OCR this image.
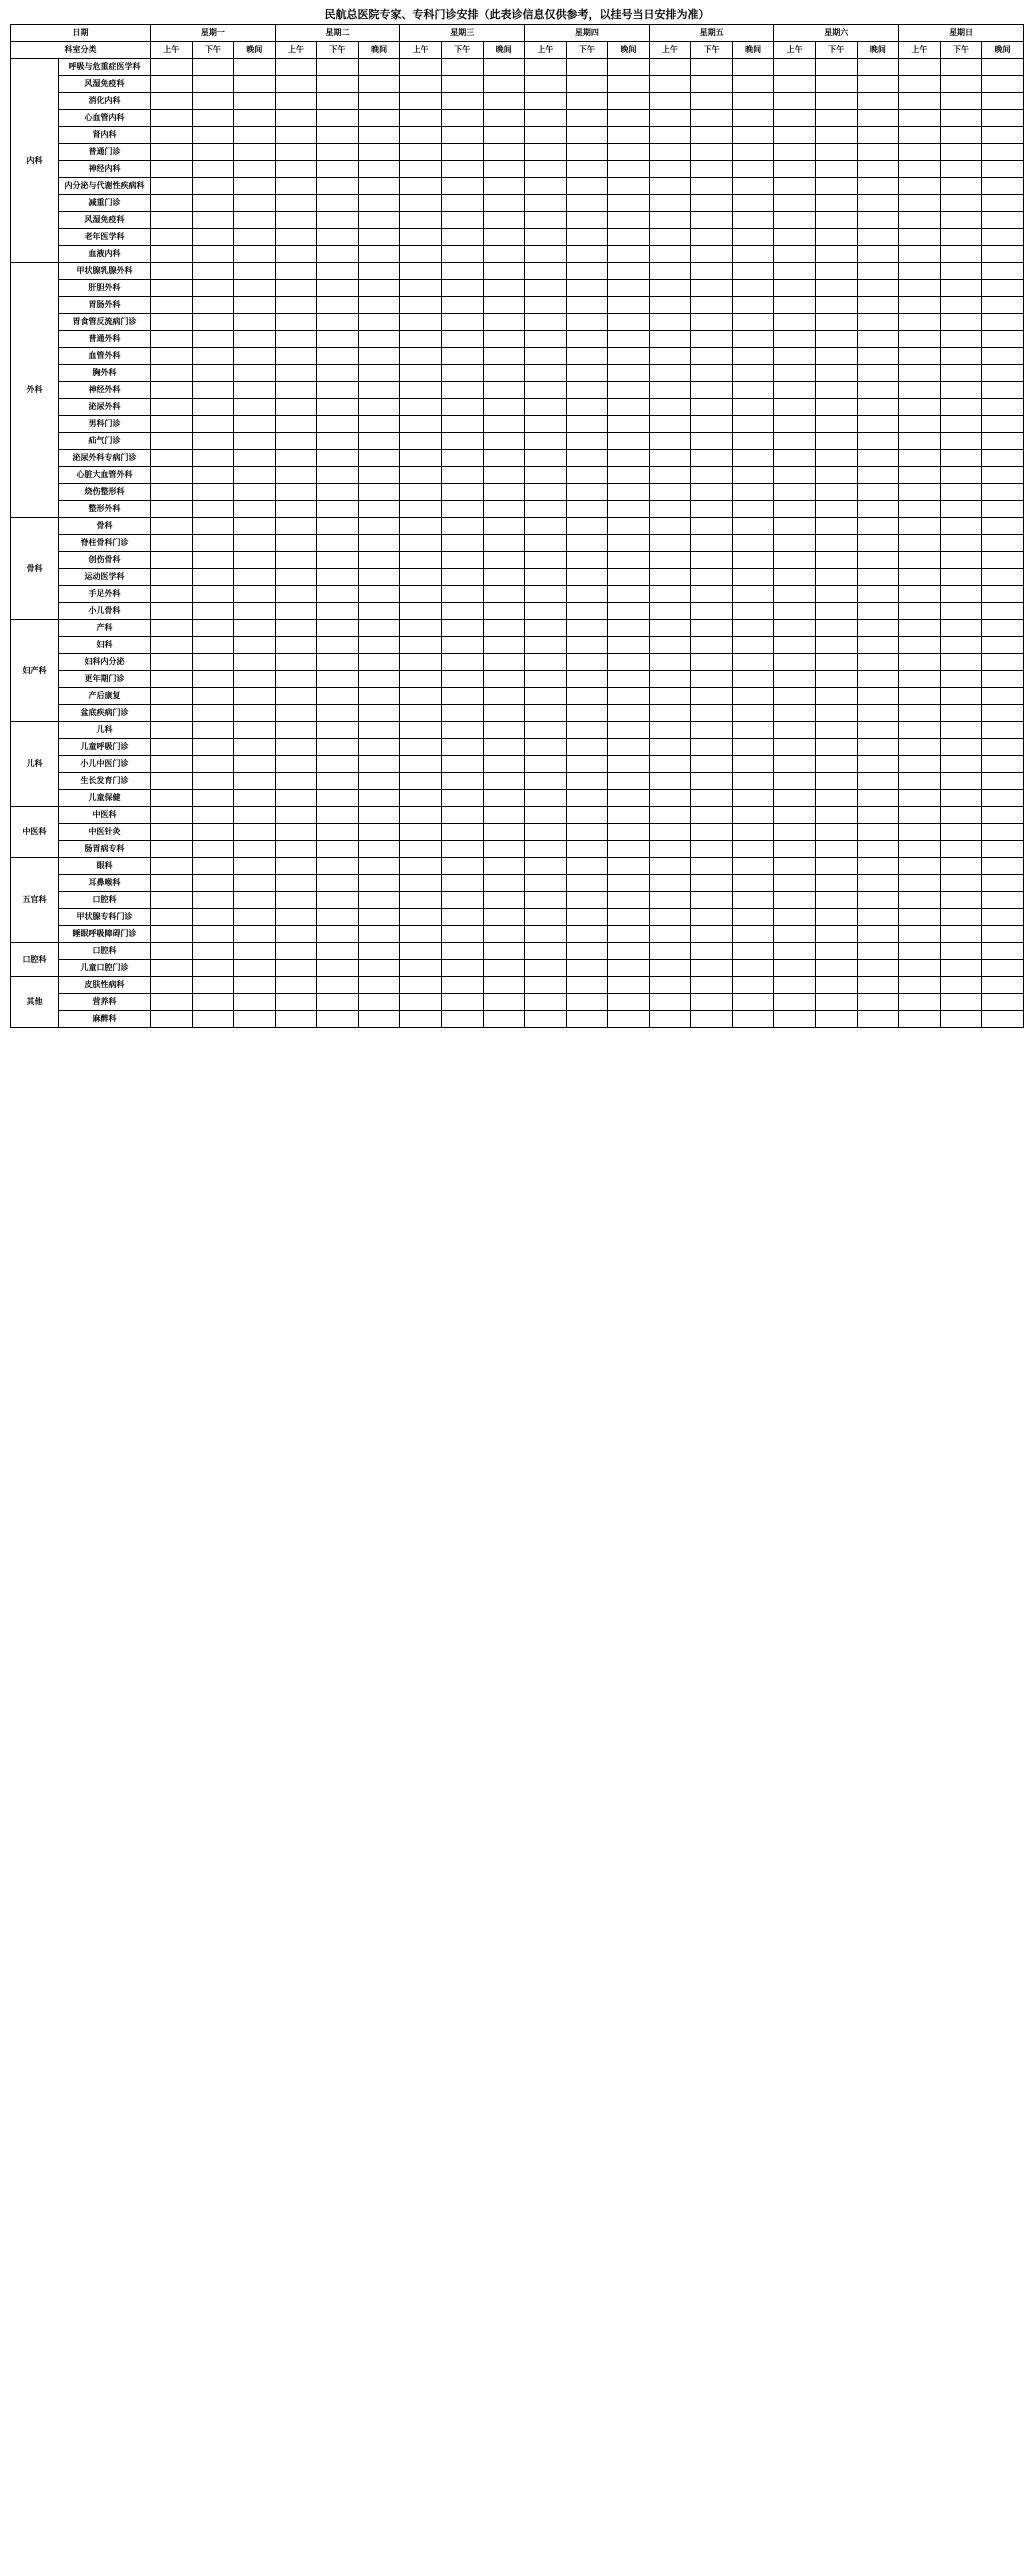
民航总医院专家、专科门诊安排（此表诊信息仅供参考，以挂号当日安排为准）
日期		星期一			星期二			星期三			星期四			星期五			星期六			星期日		
科室分类		上午	下午	晚间	上午	下午	晚间	上午	下午	晚间	上午	下午	晚间	上午	下午	晚间	上午	下午	晚间	上午	下午	晚间
内科	呼吸与危重症医学科																					
	风湿免疫科																					
	消化内科																					
	心血管内科																					
	肾内科																					
	普通门诊																					
	神经内科																					
	内分泌与代谢性疾病科																					
	减重门诊																					
	风湿免疫科																					
	老年医学科																					
	血液内科																					
外科	甲状腺乳腺外科																					
	肝胆外科																					
	胃肠外科																					
	胃食管反流病门诊																					
	普通外科																					
	血管外科																					
	胸外科																					
	神经外科																					
	泌尿外科																					
	男科门诊																					
	疝气门诊																					
	泌尿外科专病门诊																					
	心脏大血管外科																					
	烧伤整形科																					
	整形外科																					
骨科	骨科																					
	脊柱骨科门诊																					
	创伤骨科																					
	运动医学科																					
	手足外科																					
	小儿骨科																					
妇产科	产科																					
	妇科																					
	妇科内分泌																					
	更年期门诊																					
	产后康复																					
	盆底疾病门诊																					
儿科	儿科																					
	儿童呼吸门诊																					
	小儿中医门诊																					
	生长发育门诊																					
	儿童保健																					
中医科	中医科																					
	中医针灸																					
	肠胃病专科																					
五官科	眼科																					
	耳鼻喉科																					
	口腔科																					
	甲状腺专科门诊																					
	睡眠呼吸障碍门诊																					
口腔科	口腔科																					
	儿童口腔门诊																					
其他	皮肤性病科																					
	营养科																					
	麻醉科																					
